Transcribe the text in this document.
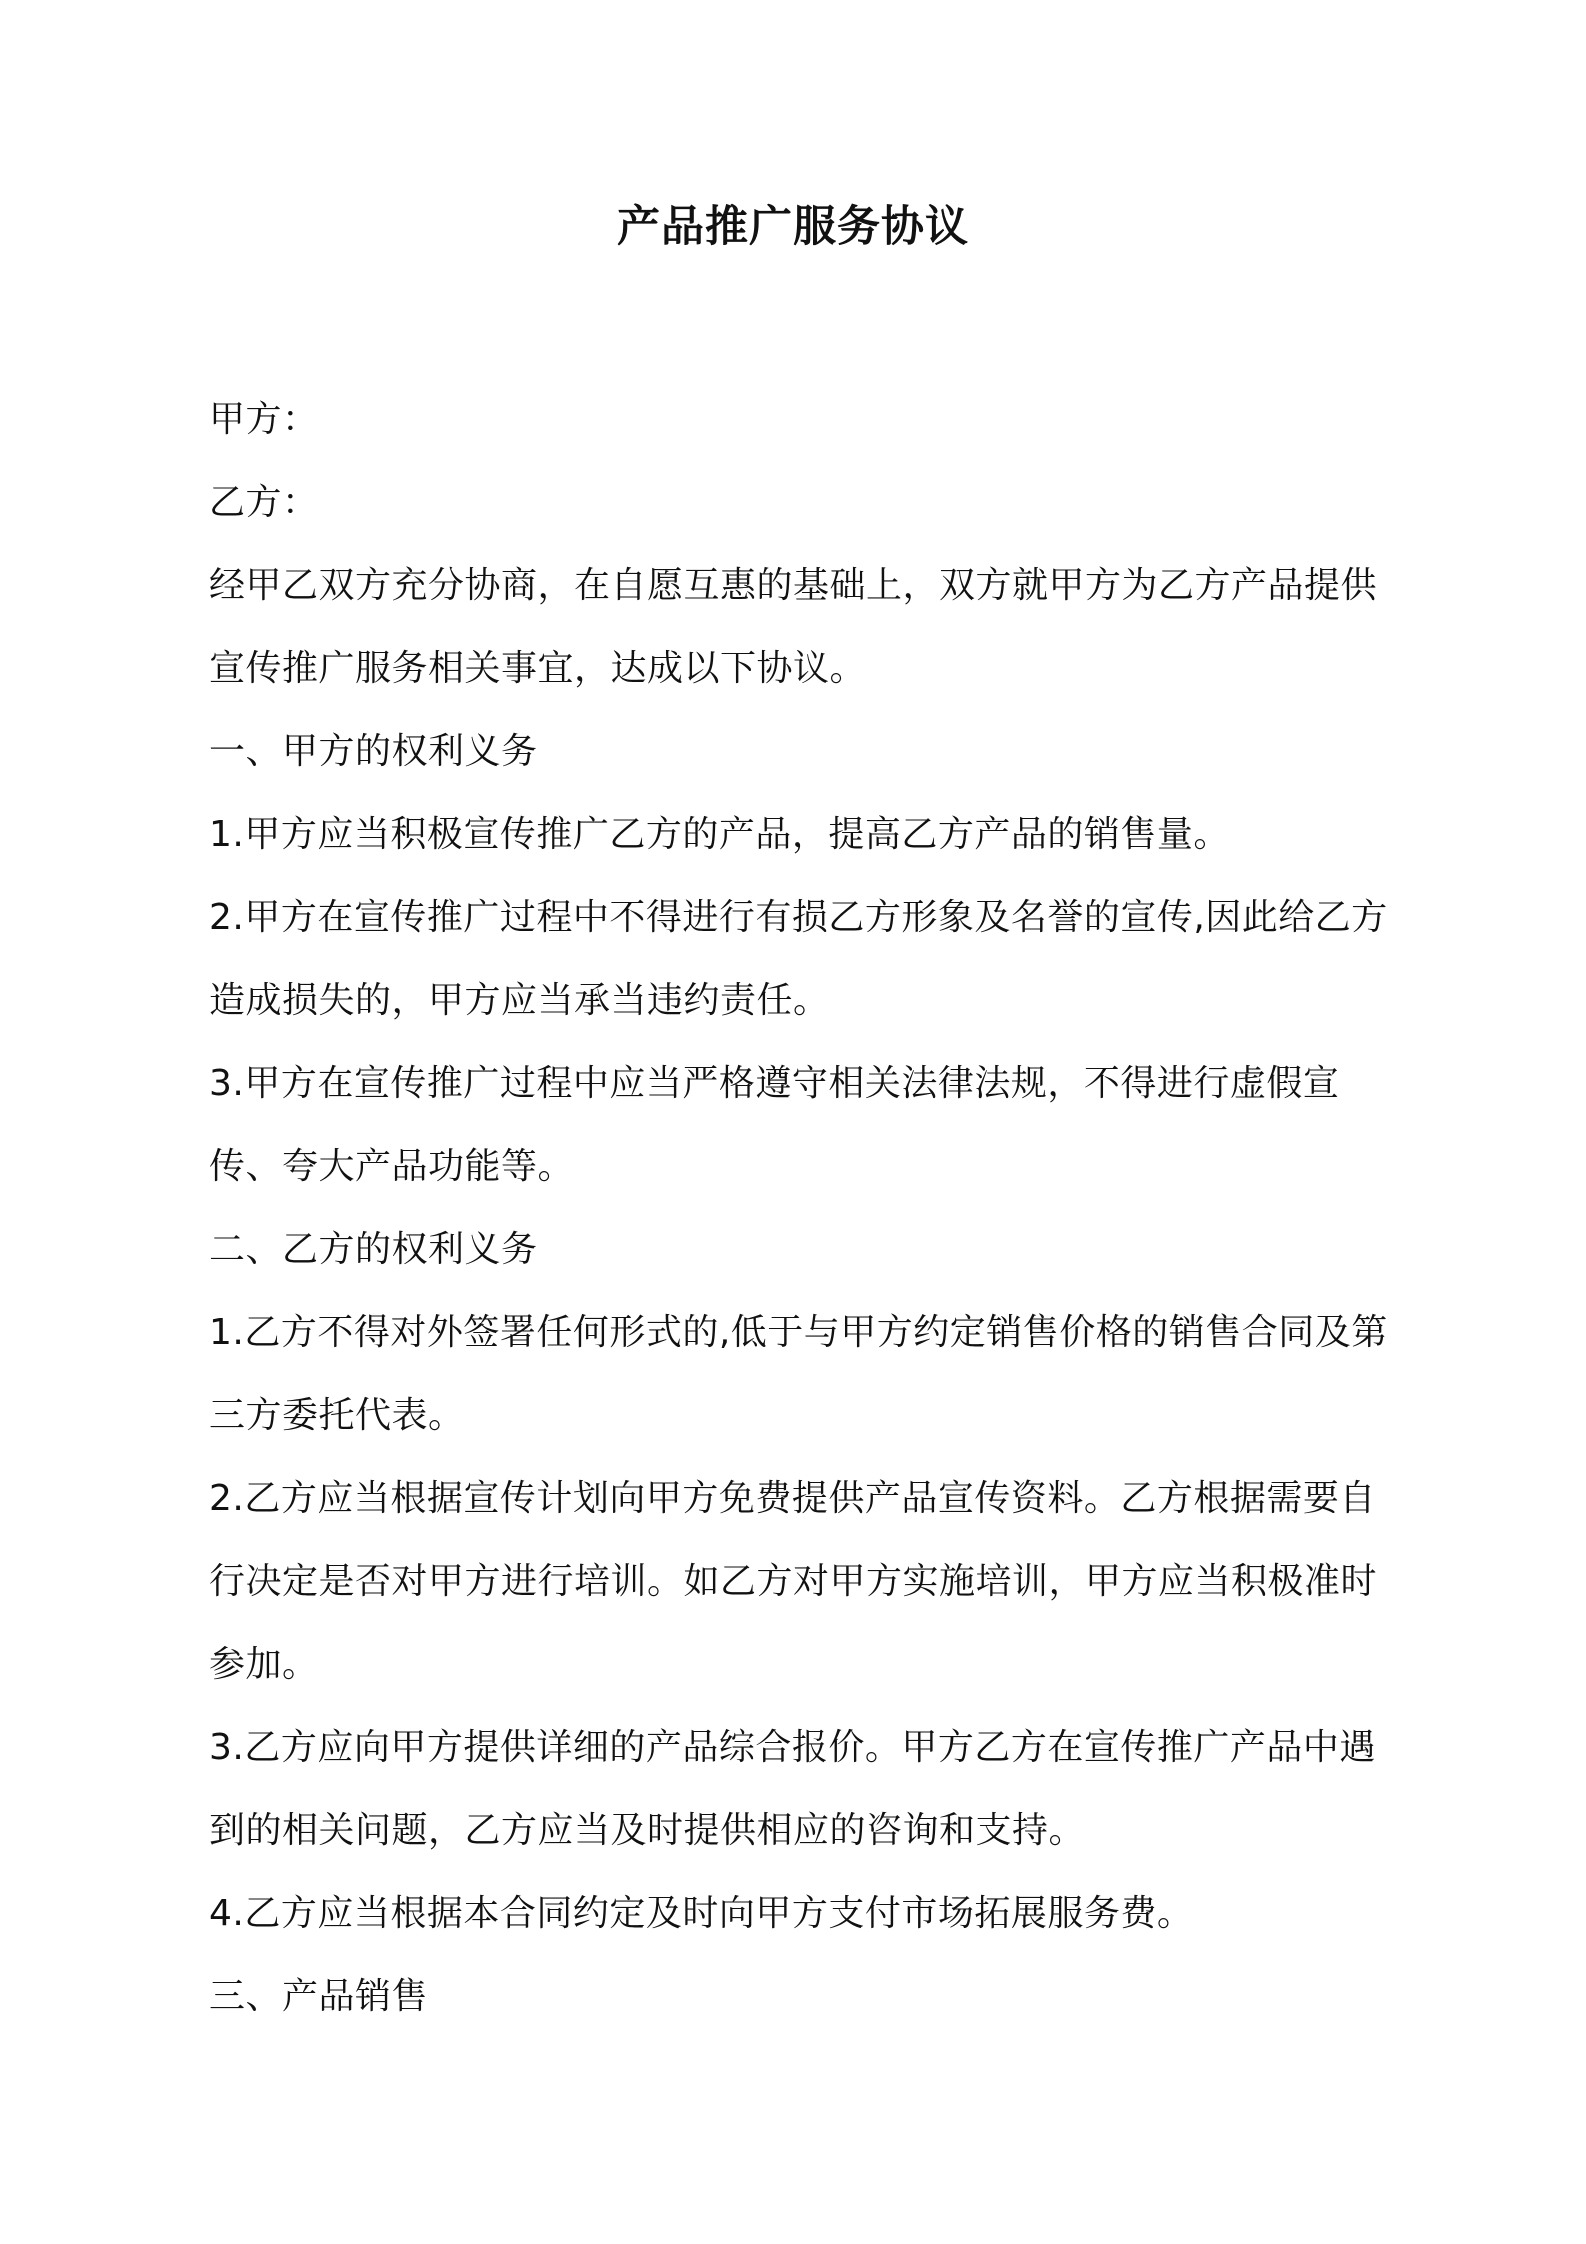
产品推广服务协议

甲方：

乙方：

经甲乙双方充分协商，在自愿互惠的基础上，双方就甲方为乙方产品提供宣传推广服务相关事宜，达成以下协议。

一、甲方的权利义务

1.甲方应当积极宣传推广乙方的产品，提高乙方产品的销售量。

2.甲方在宣传推广过程中不得进行有损乙方形象及名誉的宣传,因此给乙方造成损失的，甲方应当承当违约责任。

3.甲方在宣传推广过程中应当严格遵守相关法律法规，不得进行虚假宣传、夸大产品功能等。

二、乙方的权利义务

1.乙方不得对外签署任何形式的,低于与甲方约定销售价格的销售合同及第三方委托代表。

2.乙方应当根据宣传计划向甲方免费提供产品宣传资料。乙方根据需要自行决定是否对甲方进行培训。如乙方对甲方实施培训，甲方应当积极准时参加。

3.乙方应向甲方提供详细的产品综合报价。甲方乙方在宣传推广产品中遇到的相关问题，乙方应当及时提供相应的咨询和支持。

4.乙方应当根据本合同约定及时向甲方支付市场拓展服务费。

三、产品销售
